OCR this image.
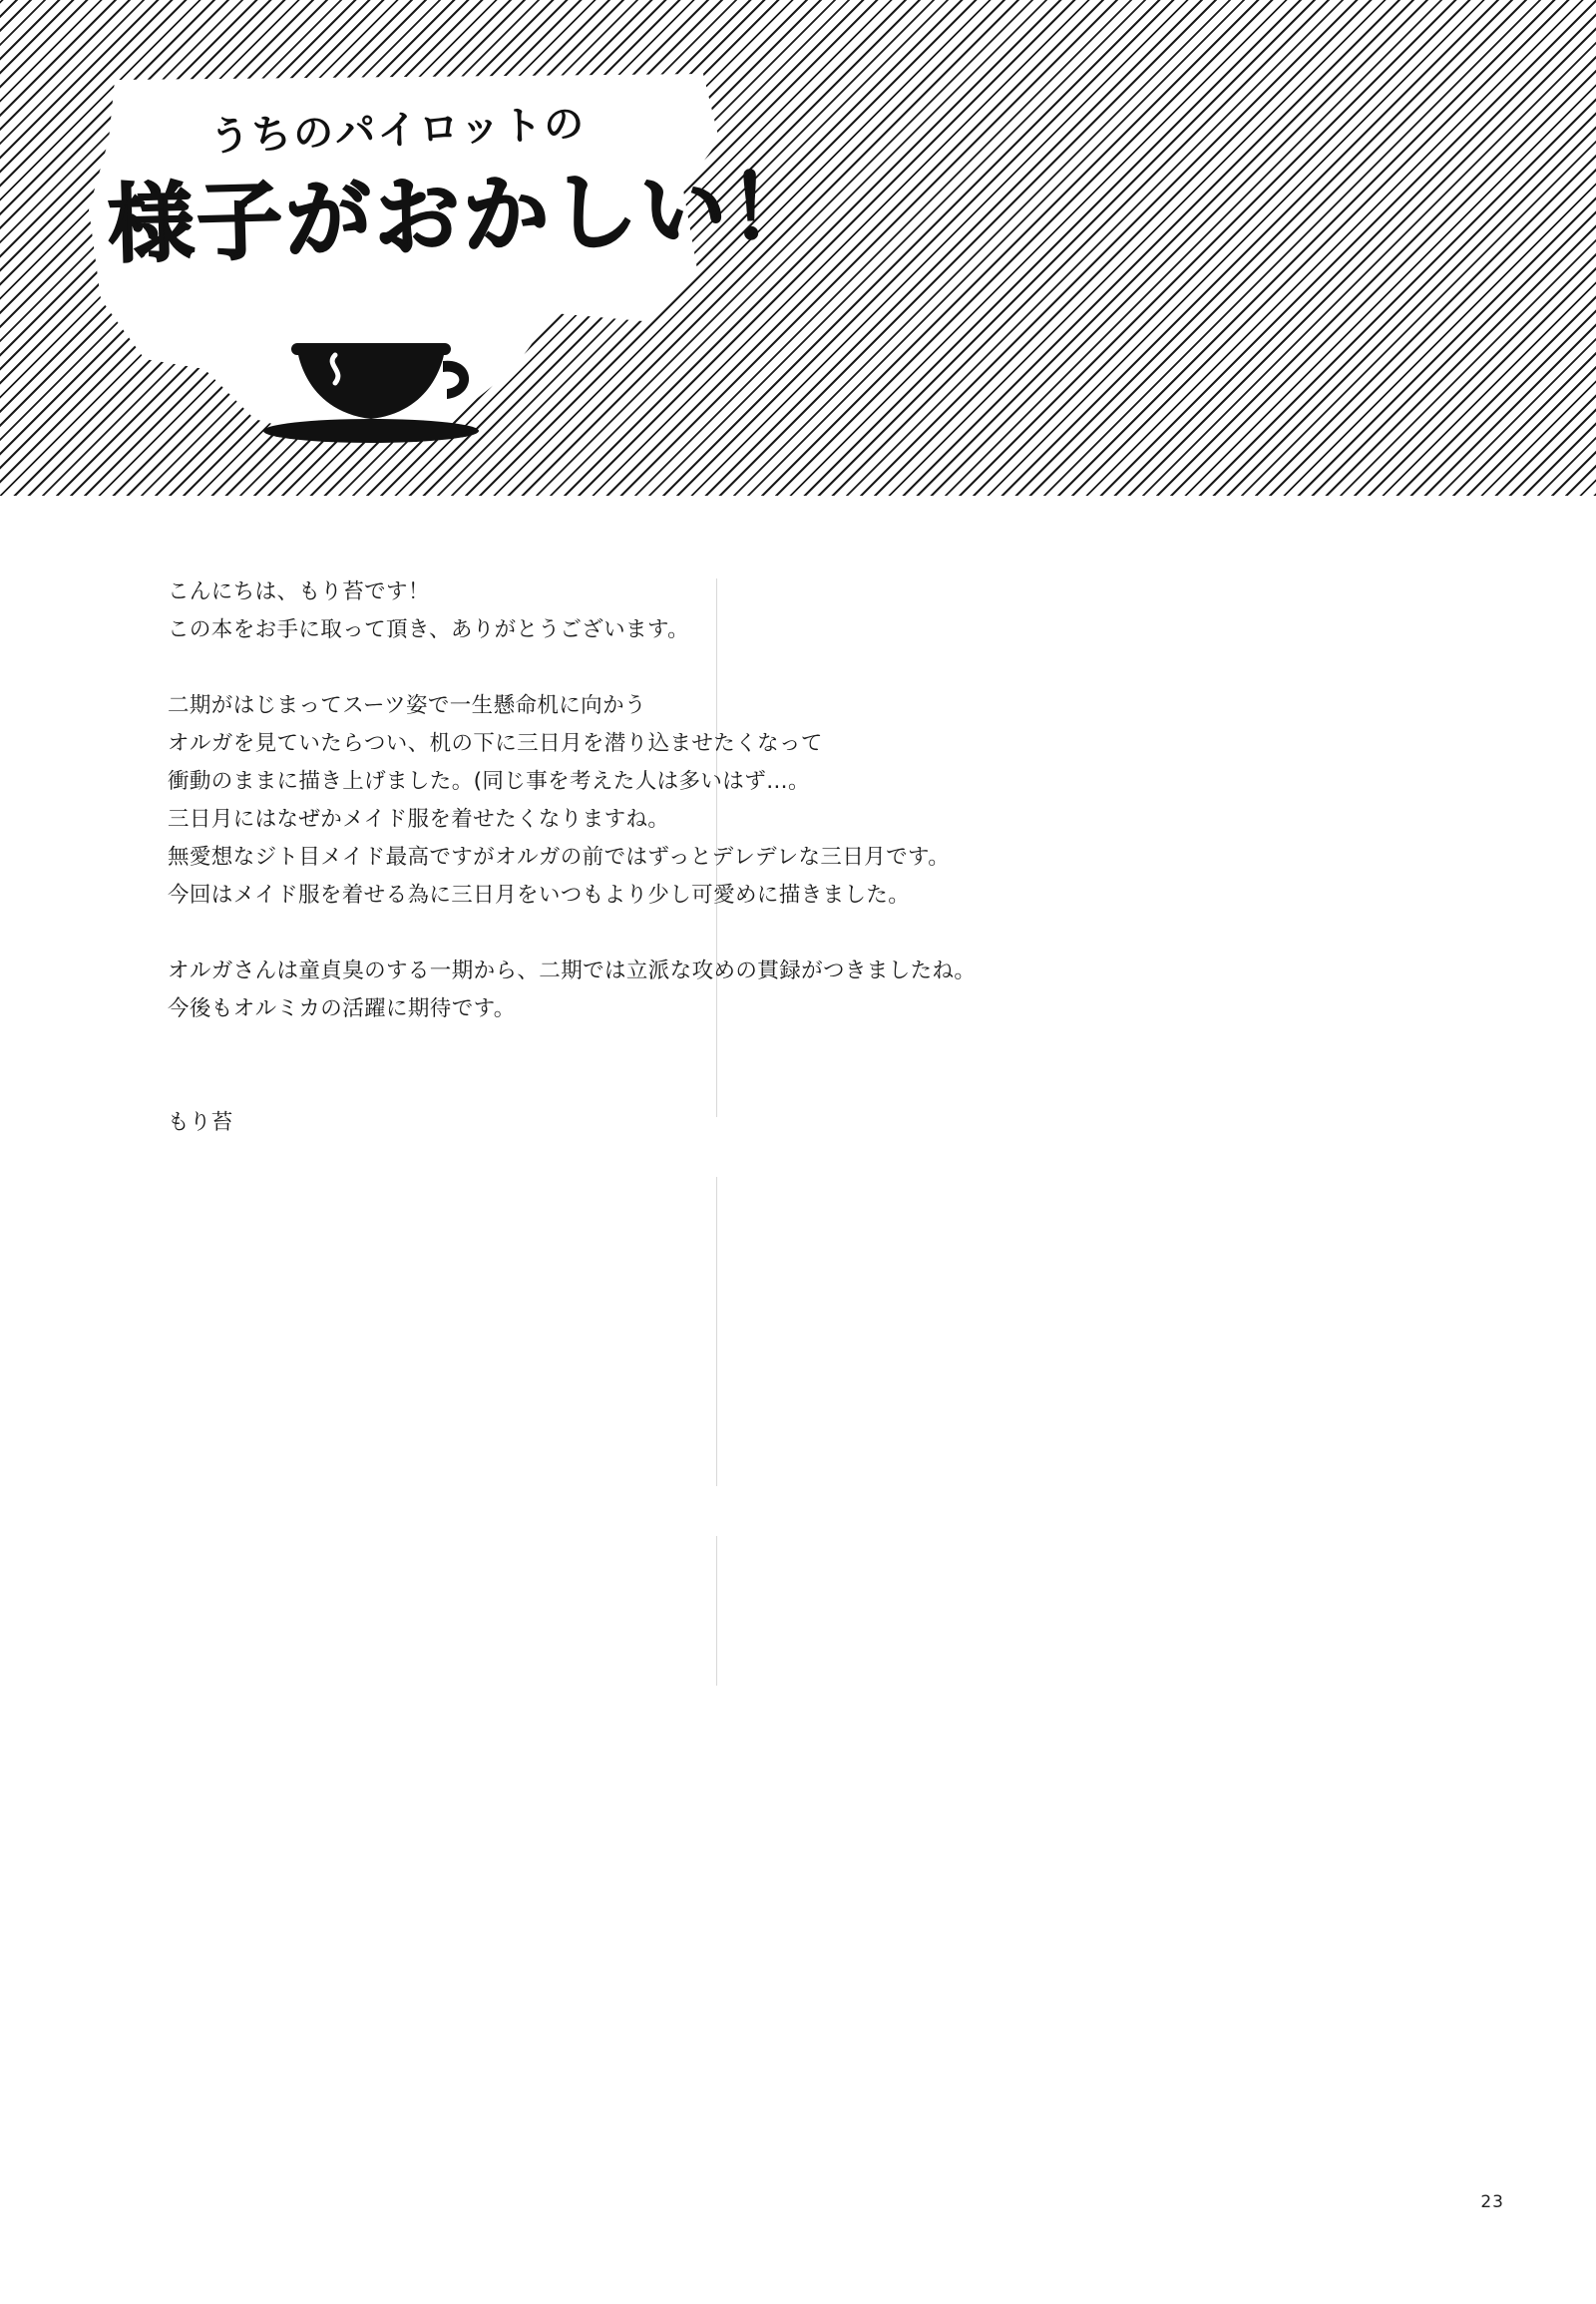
うちのパイロットの
様子がおかしい！

こんにちは、もり苔です！

この本をお手に取って頂き、ありがとうございます。

二期がはじまってスーツ姿で一生懸命机に向かう

オルガを見ていたらつい、机の下に三日月を潜り込ませたくなって

衝動のままに描き上げました。(同じ事を考えた人は多いはず…。

三日月にはなぜかメイド服を着せたくなりますね。

無愛想なジト目メイド最高ですがオルガの前ではずっとデレデレな三日月です。

今回はメイド服を着せる為に三日月をいつもより少し可愛めに描きました。

オルガさんは童貞臭のする一期から、二期では立派な攻めの貫録がつきましたね。

今後もオルミカの活躍に期待です。

もり苔

23
